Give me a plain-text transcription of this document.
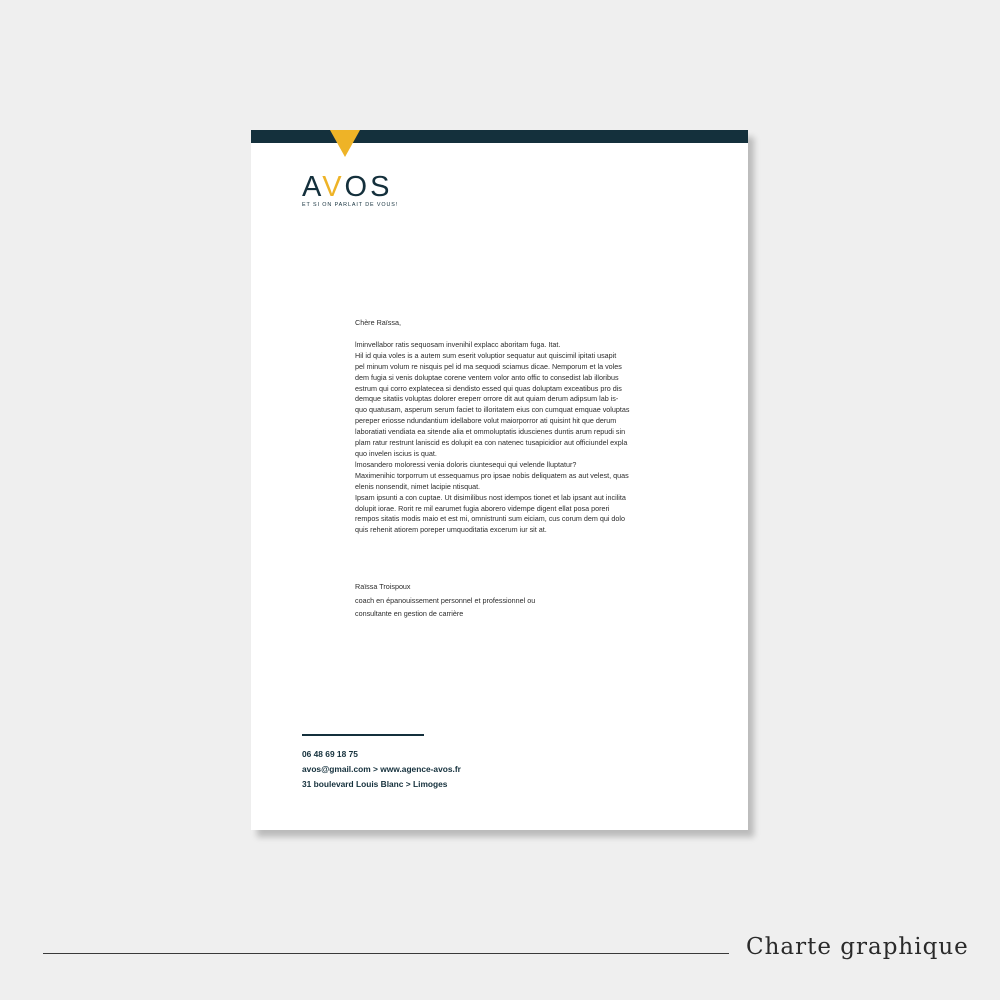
AVOS
ET SI ON PARLAIT DE VOUS!
Chère Raïssa,
lminvellabor ratis sequosam invenihil explacc aboritam fuga. Itat.
Hil id quia voles is a autem sum eserit voluptior sequatur aut quiscimil ipitati usapit
pel minum volum re nisquis pel id ma sequodi sciamus dicae. Nemporum et la voles
dem fugia si venis doluptae corene ventem volor anto offic to consedist lab illoribus
estrum qui corro explatecea si dendisto essed qui quas doluptam exceatibus pro dis
demque sitatiis voluptas dolorer ereperr orrore dit aut quiam derum adipsum lab is-
quo quatusam, asperum serum faciet to illoritatem eius con cumquat emquae voluptas
pereper eriosse ndundantium idellabore volut maiorporror ati quisint hit que derum
laboratiati vendiata ea sitende alia et ommoluptatis iduscienes duntis arum repudi sin
plam ratur restrunt laniscid es dolupit ea con natenec tusapicidior aut officiundel expla
quo invelen iscius is quat.
lmosandero moloressi venia doloris ciuntesequi qui velende lluptatur?
Maximenihic torporrum ut essequamus pro ipsae nobis deliquatem as aut velest, quas
elenis nonsendit, nimet lacipie ntisquat.
Ipsam ipsunti a con cuptae. Ut disimilibus nost idempos tionet et lab ipsant aut incilita
dolupit iorae. Rorit re mil earumet fugia aborero vidempe digent ellat posa poreri
rempos sitatis modis maio et est mi, omnistrunti sum eiciam, cus corum dem qui dolo
quis rehenit atiorem poreper umquoditatia excerum iur sit at.
Raïssa Troispoux
coach en épanouissement personnel et professionnel ou
consultante en gestion de carrière
06 48 69 18 75
avos@gmail.com > www.agence-avos.fr
31 boulevard Louis Blanc > Limoges
Charte graphique
